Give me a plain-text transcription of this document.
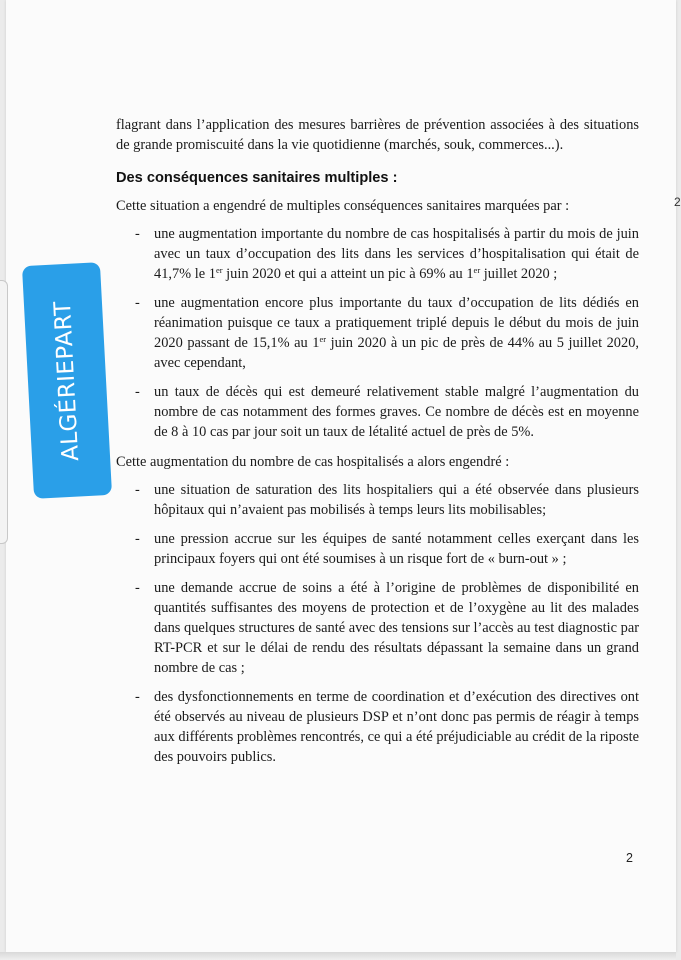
flagrant dans l’application des mesures barrières de prévention associées à des situations de grande promiscuité dans la vie quotidienne (marchés, souk, commerces...).

Des conséquences sanitaires multiples :

Cette situation a engendré de multiples conséquences sanitaires marquées par :

- une augmentation importante du nombre de cas hospitalisés à partir du mois de juin avec un taux d’occupation des lits dans les services d’hospitalisation qui était de 41,7% le 1er juin 2020 et qui a atteint un pic à 69% au 1er juillet 2020 ;
- une augmentation encore plus importante du taux d’occupation de lits dédiés en réanimation puisque ce taux a pratiquement triplé depuis le début du mois de juin 2020 passant de 15,1% au 1er juin 2020 à un pic de près de 44% au 5 juillet 2020, avec cependant,
- un taux de décès qui est demeuré relativement stable malgré l’augmentation du nombre de cas notamment des formes graves. Ce nombre de décès est en moyenne de 8 à 10 cas par jour soit un taux de létalité actuel de près de 5%.

Cette augmentation du nombre de cas hospitalisés a alors engendré :

- une situation de saturation des lits hospitaliers qui a été observée dans plusieurs hôpitaux qui n’avaient pas mobilisés à temps leurs lits mobilisables;
- une pression accrue sur les équipes de santé notamment celles exerçant dans les principaux foyers qui ont été soumises à un risque fort de « burn-out » ;
- une demande accrue de soins a été à l’origine de problèmes de disponibilité en quantités suffisantes des moyens de protection et de l’oxygène au lit des malades dans quelques structures de santé avec des tensions sur l’accès au test diagnostic par RT-PCR et sur le délai de rendu des résultats dépassant la semaine dans un grand nombre de cas ;
- des dysfonctionnements en terme de coordination et d’exécution des directives ont été observés au niveau de plusieurs DSP et n’ont donc pas permis de réagir à temps aux différents problèmes rencontrés, ce qui a été préjudiciable au crédit de la riposte des pouvoirs publics.
2
2
ALGÉRIEPART
